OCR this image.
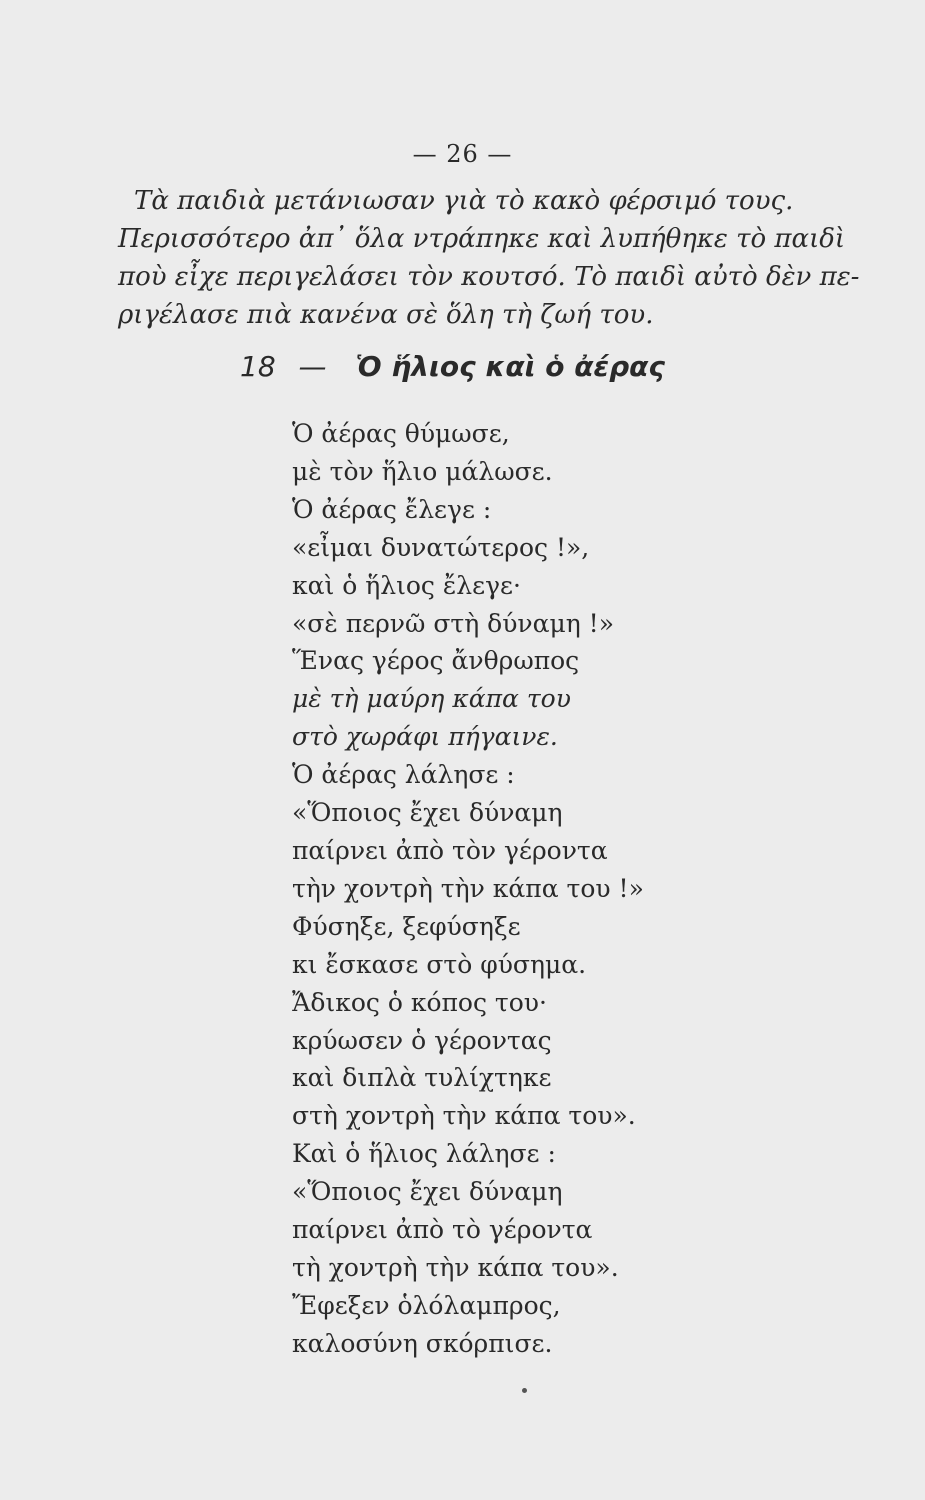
— 26 —
Τὰ παιδιὰ μετάνιωσαν γιὰ τὸ κακὸ φέρσιμό τους.
Περισσότερο ἀπ᾽ ὅλα ντράπηκε καὶ λυπήθηκε τὸ παιδὶ
ποὺ εἶχε περιγελάσει τὸν κουτσό. Τὸ παιδὶ αὐτὸ δὲν πε-
ριγέλασε πιὰ κανένα σὲ ὅλη τὴ ζωή του.
18 — Ὁ ἥλιος καὶ ὁ ἀέρας
Ὁ ἀέρας θύμωσε,
μὲ τὸν ἥλιο μάλωσε.
Ὁ ἀέρας ἔλεγε :
«εἶμαι δυνατώτερος !»,
καὶ ὁ ἥλιος ἔλεγε·
«σὲ περνῶ στὴ δύναμη !»
Ἕνας γέρος ἄνθρωπος
μὲ τὴ μαύρη κάπα του
στὸ χωράφι πήγαινε.
Ὁ ἀέρας λάλησε :
«Ὅποιος ἔχει δύναμη
παίρνει ἀπὸ τὸν γέροντα
τὴν χοντρὴ τὴν κάπα του !»
Φύσηξε, ξεφύσηξε
κι ἔσκασε στὸ φύσημα.
Ἄδικος ὁ κόπος του·
κρύωσεν ὁ γέροντας
καὶ διπλὰ τυλίχτηκε
στὴ χοντρὴ τὴν κάπα του».
Καὶ ὁ ἥλιος λάλησε :
«Ὅποιος ἔχει δύναμη
παίρνει ἀπὸ τὸ γέροντα
τὴ χοντρὴ τὴν κάπα του».
Ἔφεξεν ὁλόλαμπρος,
καλοσύνη σκόρπισε.
